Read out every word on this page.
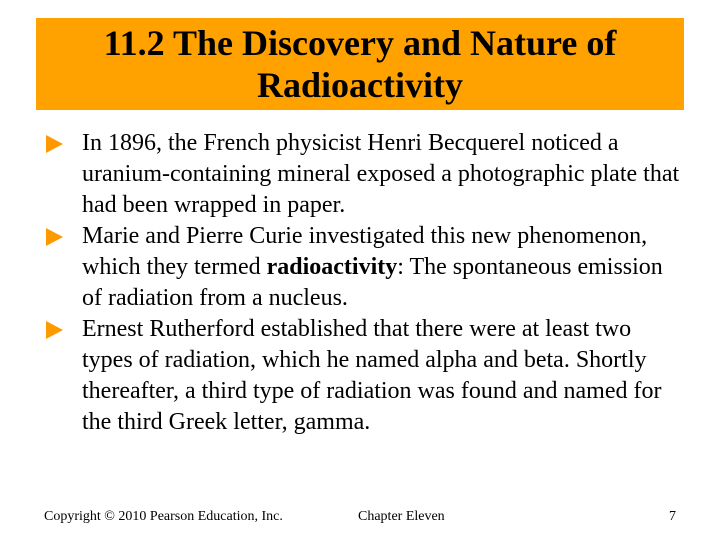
11.2 The Discovery and Nature of
Radioactivity
In 1896, the French physicist Henri Becquerel noticed a uranium-containing mineral exposed a photographic plate that had been wrapped in paper.
Marie and Pierre Curie investigated this new phenomenon, which they termed radioactivity: The spontaneous emission of radiation from a nucleus.
Ernest Rutherford established that there were at least two types of radiation, which he named alpha and beta. Shortly thereafter, a third type of radiation was found and named for the third Greek letter, gamma.
Copyright © 2010 Pearson Education, Inc.	Chapter Eleven	7
